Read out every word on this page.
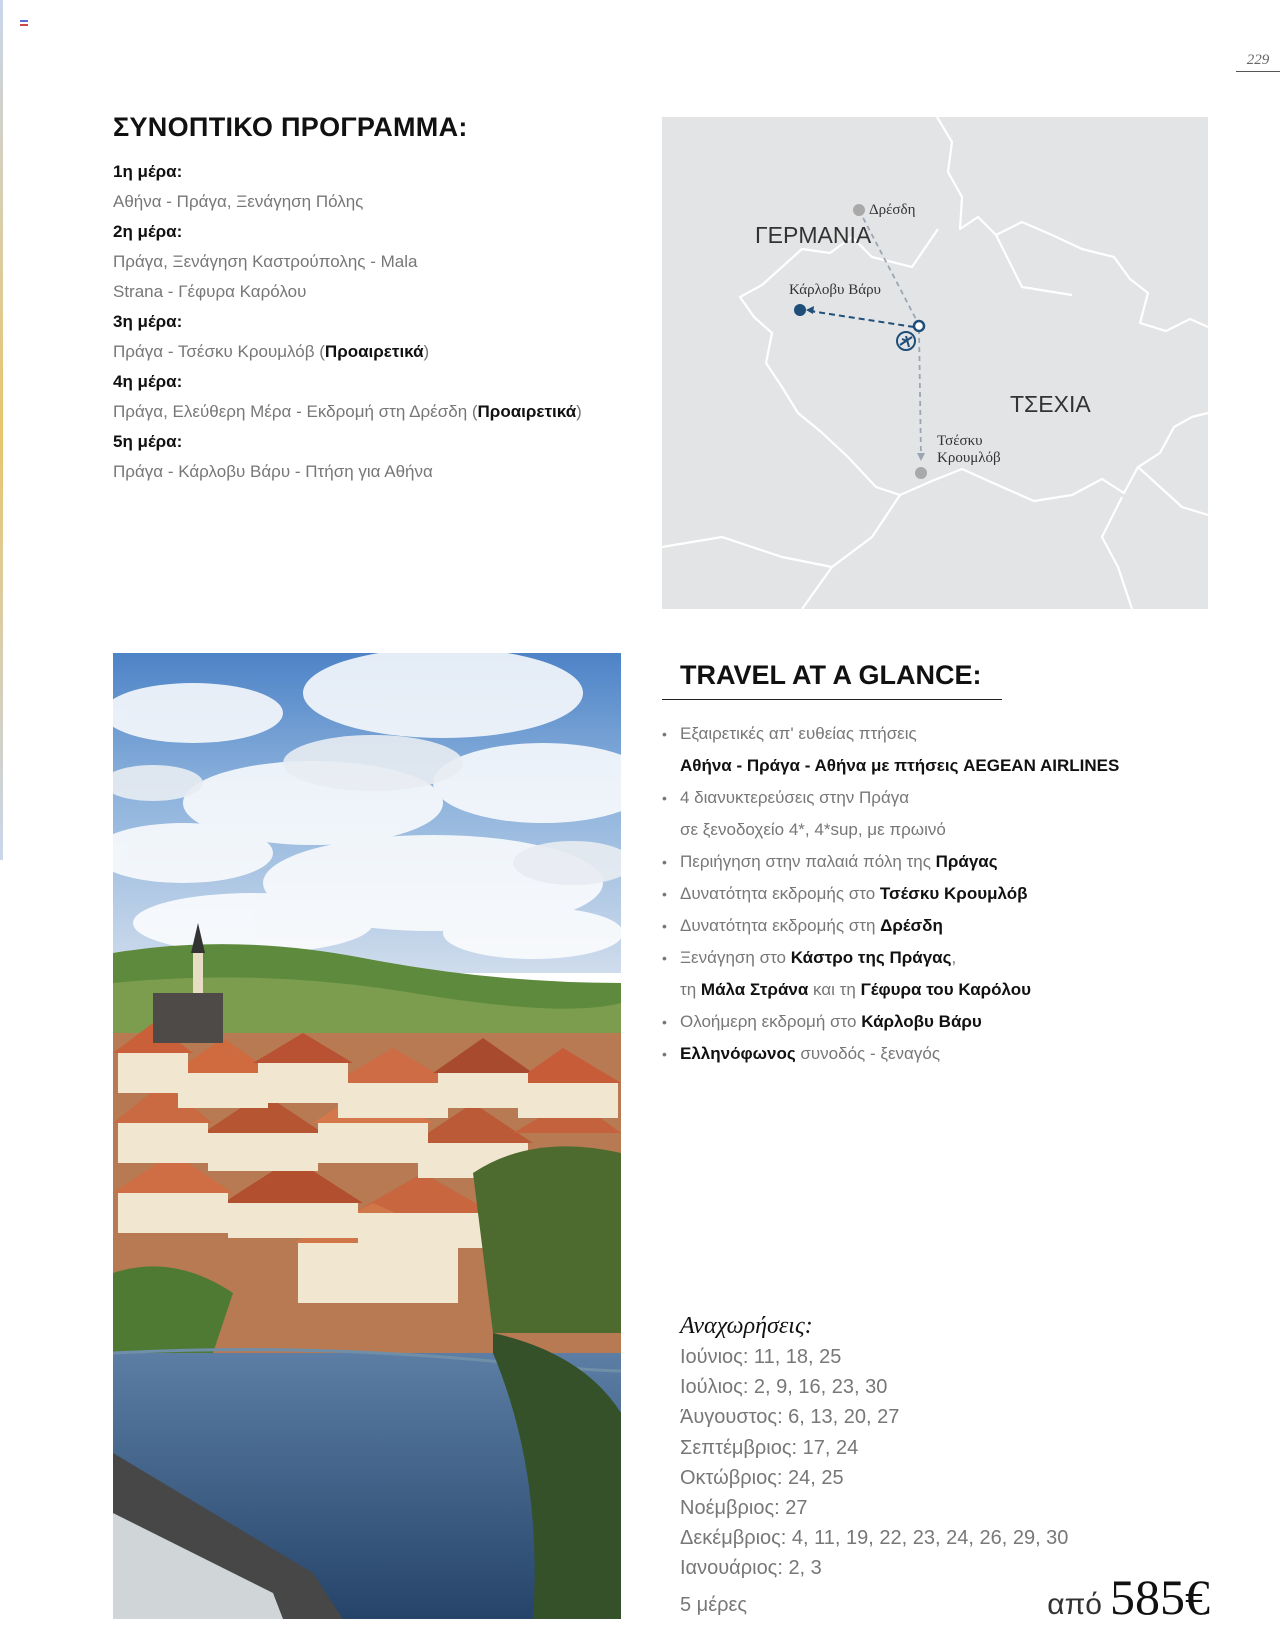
229
ΣΥΝΟΠΤΙΚΟ ΠΡΟΓΡΑΜΜΑ:
1η μέρα:
Αθήνα - Πράγα, Ξενάγηση Πόλης
2η μέρα:
Πράγα, Ξενάγηση Καστρούπολης - Mala
Strana - Γέφυρα Καρόλου
3η μέρα:
Πράγα - Τσέσκυ Κρουμλόβ (Προαιρετικά)
4η μέρα:
Πράγα, Ελεύθερη Μέρα - Εκδρομή στη Δρέσδη (Προαιρετικά)
5η μέρα:
Πράγα - Κάρλοβυ Βάρυ - Πτήση για Αθήνα
ΓΕΡΜΑΝΙΑ
ΤΣΕΧΙΑ
Δρέσδη
Κάρλοβυ Βάρυ
Τσέσκυ
Κρουμλόβ
TRAVEL AT A GLANCE:
• Εξαιρετικές απ' ευθείας πτήσεις
Αθήνα - Πράγα - Αθήνα με πτήσεις AEGEAN AIRLINES
• 4 διανυκτερεύσεις στην Πράγα
σε ξενοδοχείο 4*, 4*sup, με πρωινό
• Περιήγηση στην παλαιά πόλη της Πράγας
• Δυνατότητα εκδρομής στο Τσέσκυ Κρουμλόβ
• Δυνατότητα εκδρομής στη Δρέσδη
• Ξενάγηση στο Κάστρο της Πράγας,
τη Μάλα Στράνα και τη Γέφυρα του Καρόλου
• Ολοήμερη εκδρομή στο Κάρλοβυ Βάρυ
• Ελληνόφωνος συνοδός - ξεναγός
Αναχωρήσεις:
Ιούνιος: 11, 18, 25
Ιούλιος: 2, 9, 16, 23, 30
Άυγουστος: 6, 13, 20, 27
Σεπτέμβριος: 17, 24
Οκτώβριος: 24, 25
Νοέμβριος: 27
Δεκέμβριος: 4, 11, 19, 22, 23, 24, 26, 29, 30
Ιανουάριος: 2, 3
5 μέρες	από 585€
